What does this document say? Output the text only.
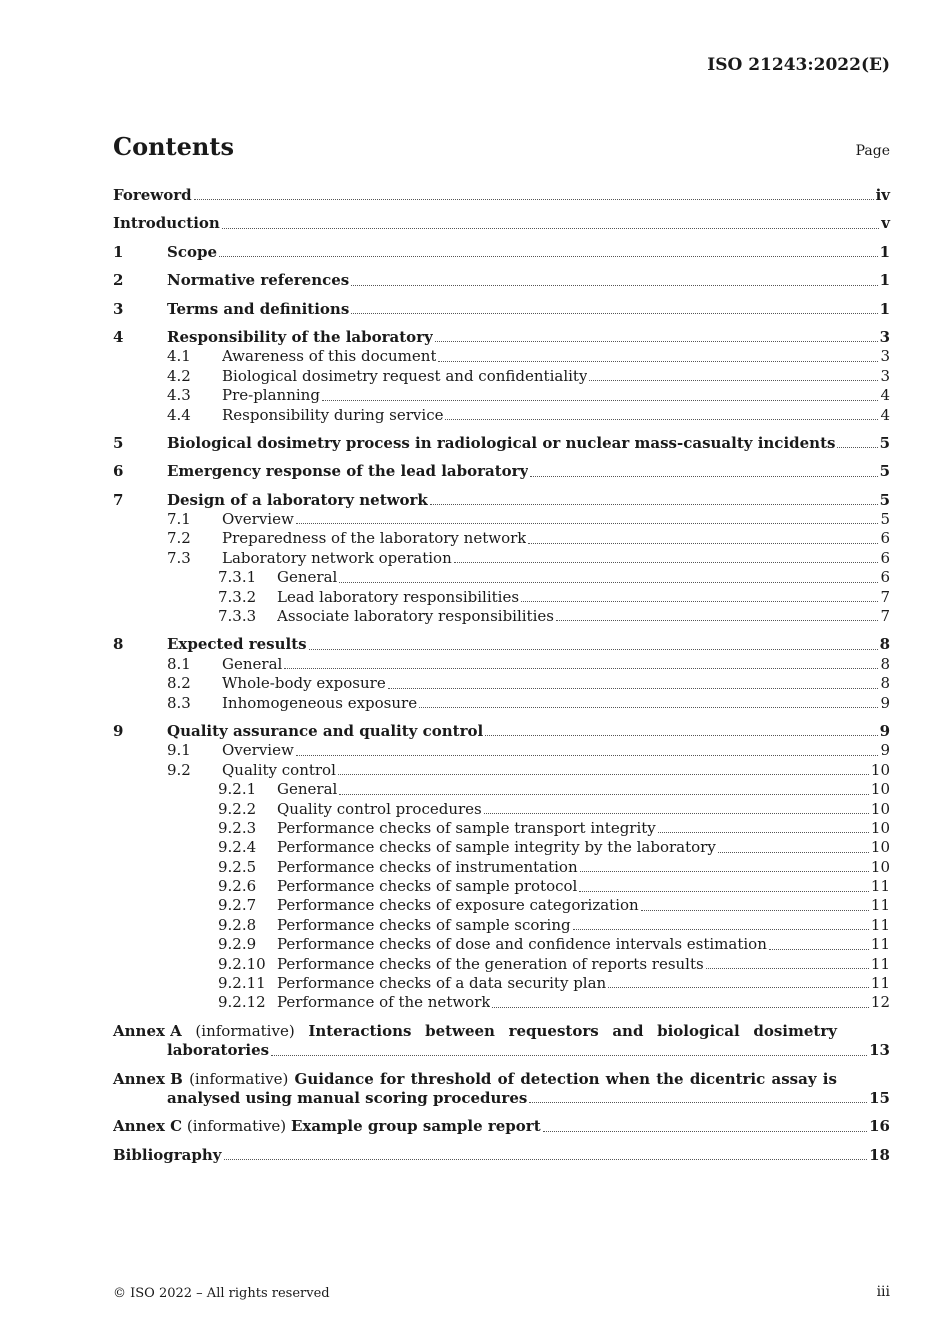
ISO 21243:2022(E)
Contents	Page
Foreword	iv
Introduction	v
1	Scope	1
2	Normative references	1
3	Terms and definitions	1
4	Responsibility of the laboratory	3
4.1	Awareness of this document	3
4.2	Biological dosimetry request and confidentiality	3
4.3	Pre-planning	4
4.4	Responsibility during service	4
5	Biological dosimetry process in radiological or nuclear mass-casualty incidents	5
6	Emergency response of the lead laboratory	5
7	Design of a laboratory network	5
7.1	Overview	5
7.2	Preparedness of the laboratory network	6
7.3	Laboratory network operation	6
7.3.1	General	6
7.3.2	Lead laboratory responsibilities	7
7.3.3	Associate laboratory responsibilities	7
8	Expected results	8
8.1	General	8
8.2	Whole-body exposure	8
8.3	Inhomogeneous exposure	9
9	Quality assurance and quality control	9
9.1	Overview	9
9.2	Quality control	10
9.2.1	General	10
9.2.2	Quality control procedures	10
9.2.3	Performance checks of sample transport integrity	10
9.2.4	Performance checks of sample integrity by the laboratory	10
9.2.5	Performance checks of instrumentation	10
9.2.6	Performance checks of sample protocol	11
9.2.7	Performance checks of exposure categorization	11
9.2.8	Performance checks of sample scoring	11
9.2.9	Performance checks of dose and confidence intervals estimation	11
9.2.10 Performance checks of the generation of reports results	11
9.2.11 Performance checks of a data security plan	11
9.2.12 Performance of the network	12
Annex A (informative) Interactions between requestors and biological dosimetry
laboratories	13
Annex B (informative) Guidance for threshold of detection when the dicentric assay is
analysed using manual scoring procedures	15
Annex C (informative) Example group sample report	16
Bibliography	18
© ISO 2022 – All rights reserved	iii
